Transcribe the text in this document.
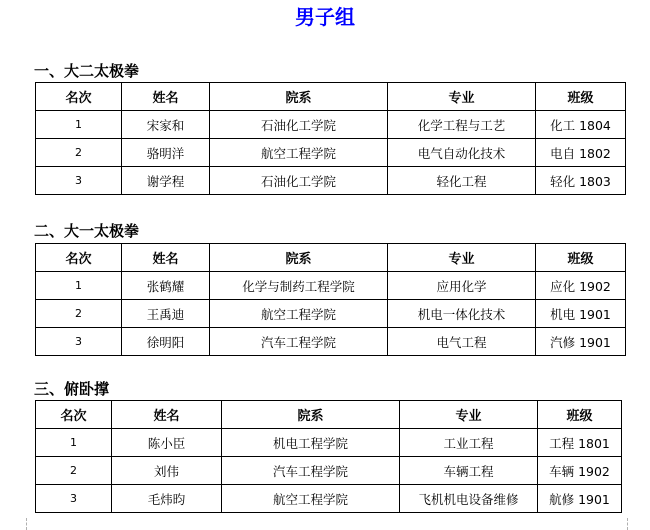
男子组
一、大二太极拳
名次	姓名	院系	专业	班级
1	宋家和	石油化工学院	化学工程与工艺	化工 1804
2	骆明洋	航空工程学院	电气自动化技术	电自 1802
3	谢学程	石油化工学院	轻化工程	轻化 1803
二、大一太极拳
名次	姓名	院系	专业	班级
1	张鹤耀	化学与制药工程学院	应用化学	应化 1902
2	王禹迪	航空工程学院	机电一体化技术	机电 1901
3	徐明阳	汽车工程学院	电气工程	汽修 1901
三、俯卧撑
名次	姓名	院系	专业	班级
1	陈小臣	机电工程学院	工业工程	工程 1801
2	刘伟	汽车工程学院	车辆工程	车辆 1902
3	毛炜昀	航空工程学院	飞机机电设备维修	航修 1901
